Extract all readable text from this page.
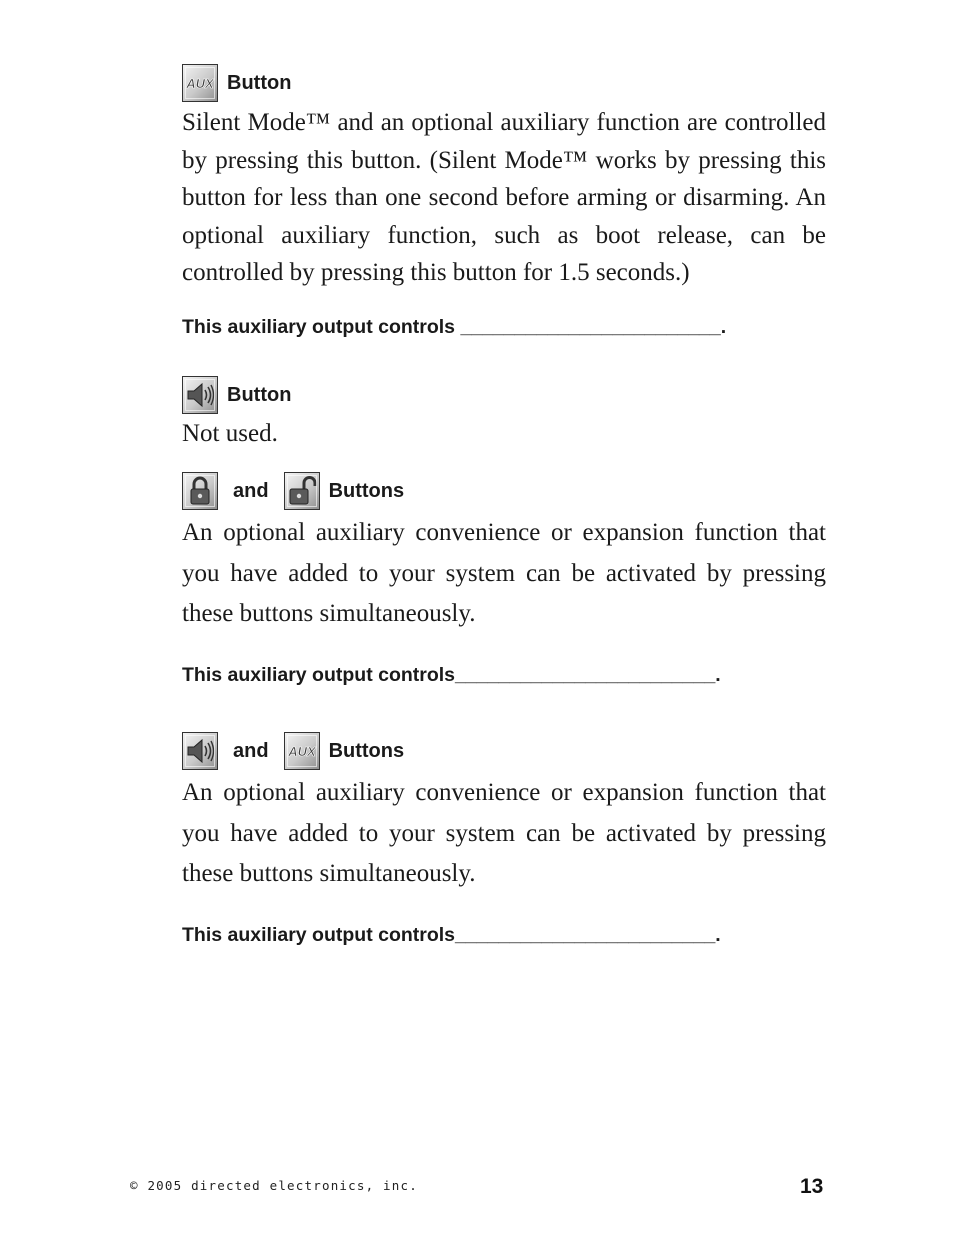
AUX Button
Silent Mode™ and an optional auxiliary function are controlled by pressing this button. (Silent Mode™ works by pressing this button for less than one second before arming or disarming. An optional auxiliary function, such as boot release, can be controlled by pressing this button for 1.5 seconds.)
This auxiliary output controls ________________________.
Button
Not used.
and	Buttons
An optional auxiliary convenience or expansion function that you have added to your system can be activated by pressing these buttons simultaneously.
This auxiliary output controls________________________.
and AUX Buttons
An optional auxiliary convenience or expansion function that you have added to your system can be activated by pressing these buttons simultaneously.
This auxiliary output controls________________________.
© 2005 directed electronics, inc.	13
